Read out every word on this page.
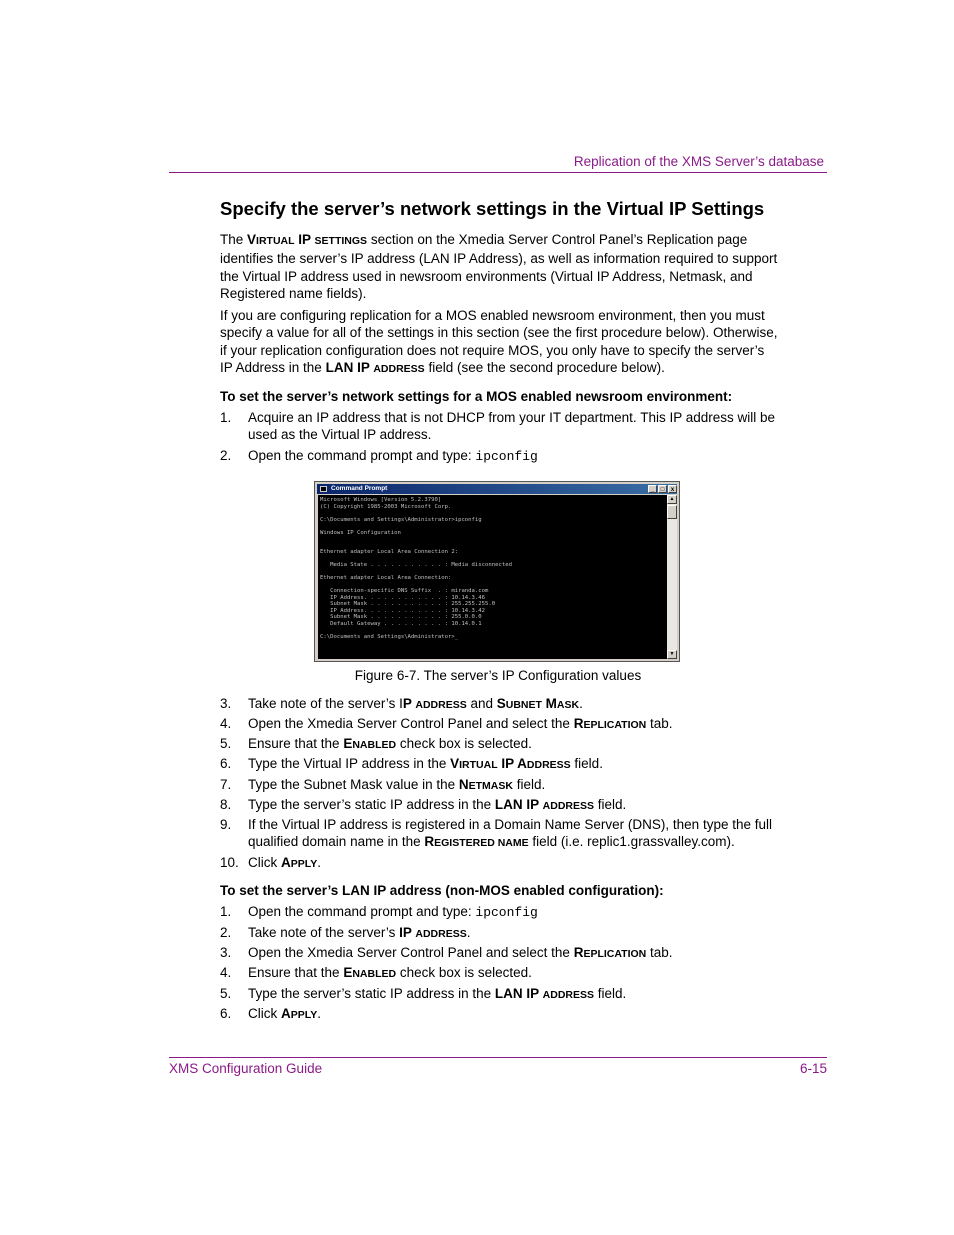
Replication of the XMS Server’s database
Specify the server’s network settings in the Virtual IP Settings
The VIRTUAL IP SETTINGS section on the Xmedia Server Control Panel’s Replication page identifies the server’s IP address (LAN IP Address), as well as information required to support the Virtual IP address used in newsroom environments (Virtual IP Address, Netmask, and Registered name fields).
If you are configuring replication for a MOS enabled newsroom environment, then you must specify a value for all of the settings in this section (see the first procedure below). Otherwise, if your replication configuration does not require MOS, you only have to specify the server’s IP Address in the LAN IP ADDRESS field (see the second procedure below).
To set the server’s network settings for a MOS enabled newsroom environment:
1. Acquire an IP address that is not DHCP from your IT department. This IP address will be used as the Virtual IP address.
2. Open the command prompt and type: ipconfig
Command Prompt	_	□	x
Microsoft Windows [Version 5.2.3790]
(C) Copyright 1985-2003 Microsoft Corp.

C:\Documents and Settings\Administrator>ipconfig

Windows IP Configuration

Ethernet adapter Local Area Connection 2:

Media State . . . . . . . . . . . : Media disconnected

Ethernet adapter Local Area Connection:

Connection-specific DNS Suffix  . : miranda.com
IP Address. . . . . . . . . . . . : 10.14.3.46
Subnet Mask . . . . . . . . . . . : 255.255.255.0
IP Address. . . . . . . . . . . . : 10.14.3.42
Subnet Mask . . . . . . . . . . . : 255.0.0.0
Default Gateway . . . . . . . . . : 10.14.0.1

C:\Documents and Settings\Administrator>_
▲
▼
Figure 6-7. The server’s IP Configuration values
3. Take note of the server’s IP ADDRESS and SUBNET MASK.
4. Open the Xmedia Server Control Panel and select the REPLICATION tab.
5. Ensure that the ENABLED check box is selected.
6. Type the Virtual IP address in the VIRTUAL IP ADDRESS field.
7. Type the Subnet Mask value in the NETMASK field.
8. Type the server’s static IP address in the LAN IP ADDRESS field.
9. If the Virtual IP address is registered in a Domain Name Server (DNS), then type the full qualified domain name in the REGISTERED NAME field (i.e. replic1.grassvalley.com).
10. Click APPLY.
To set the server’s LAN IP address (non-MOS enabled configuration):
1. Open the command prompt and type: ipconfig
2. Take note of the server’s IP ADDRESS.
3. Open the Xmedia Server Control Panel and select the REPLICATION tab.
4. Ensure that the ENABLED check box is selected.
5. Type the server’s static IP address in the LAN IP ADDRESS field.
6. Click APPLY.
XMS Configuration Guide	6-15
